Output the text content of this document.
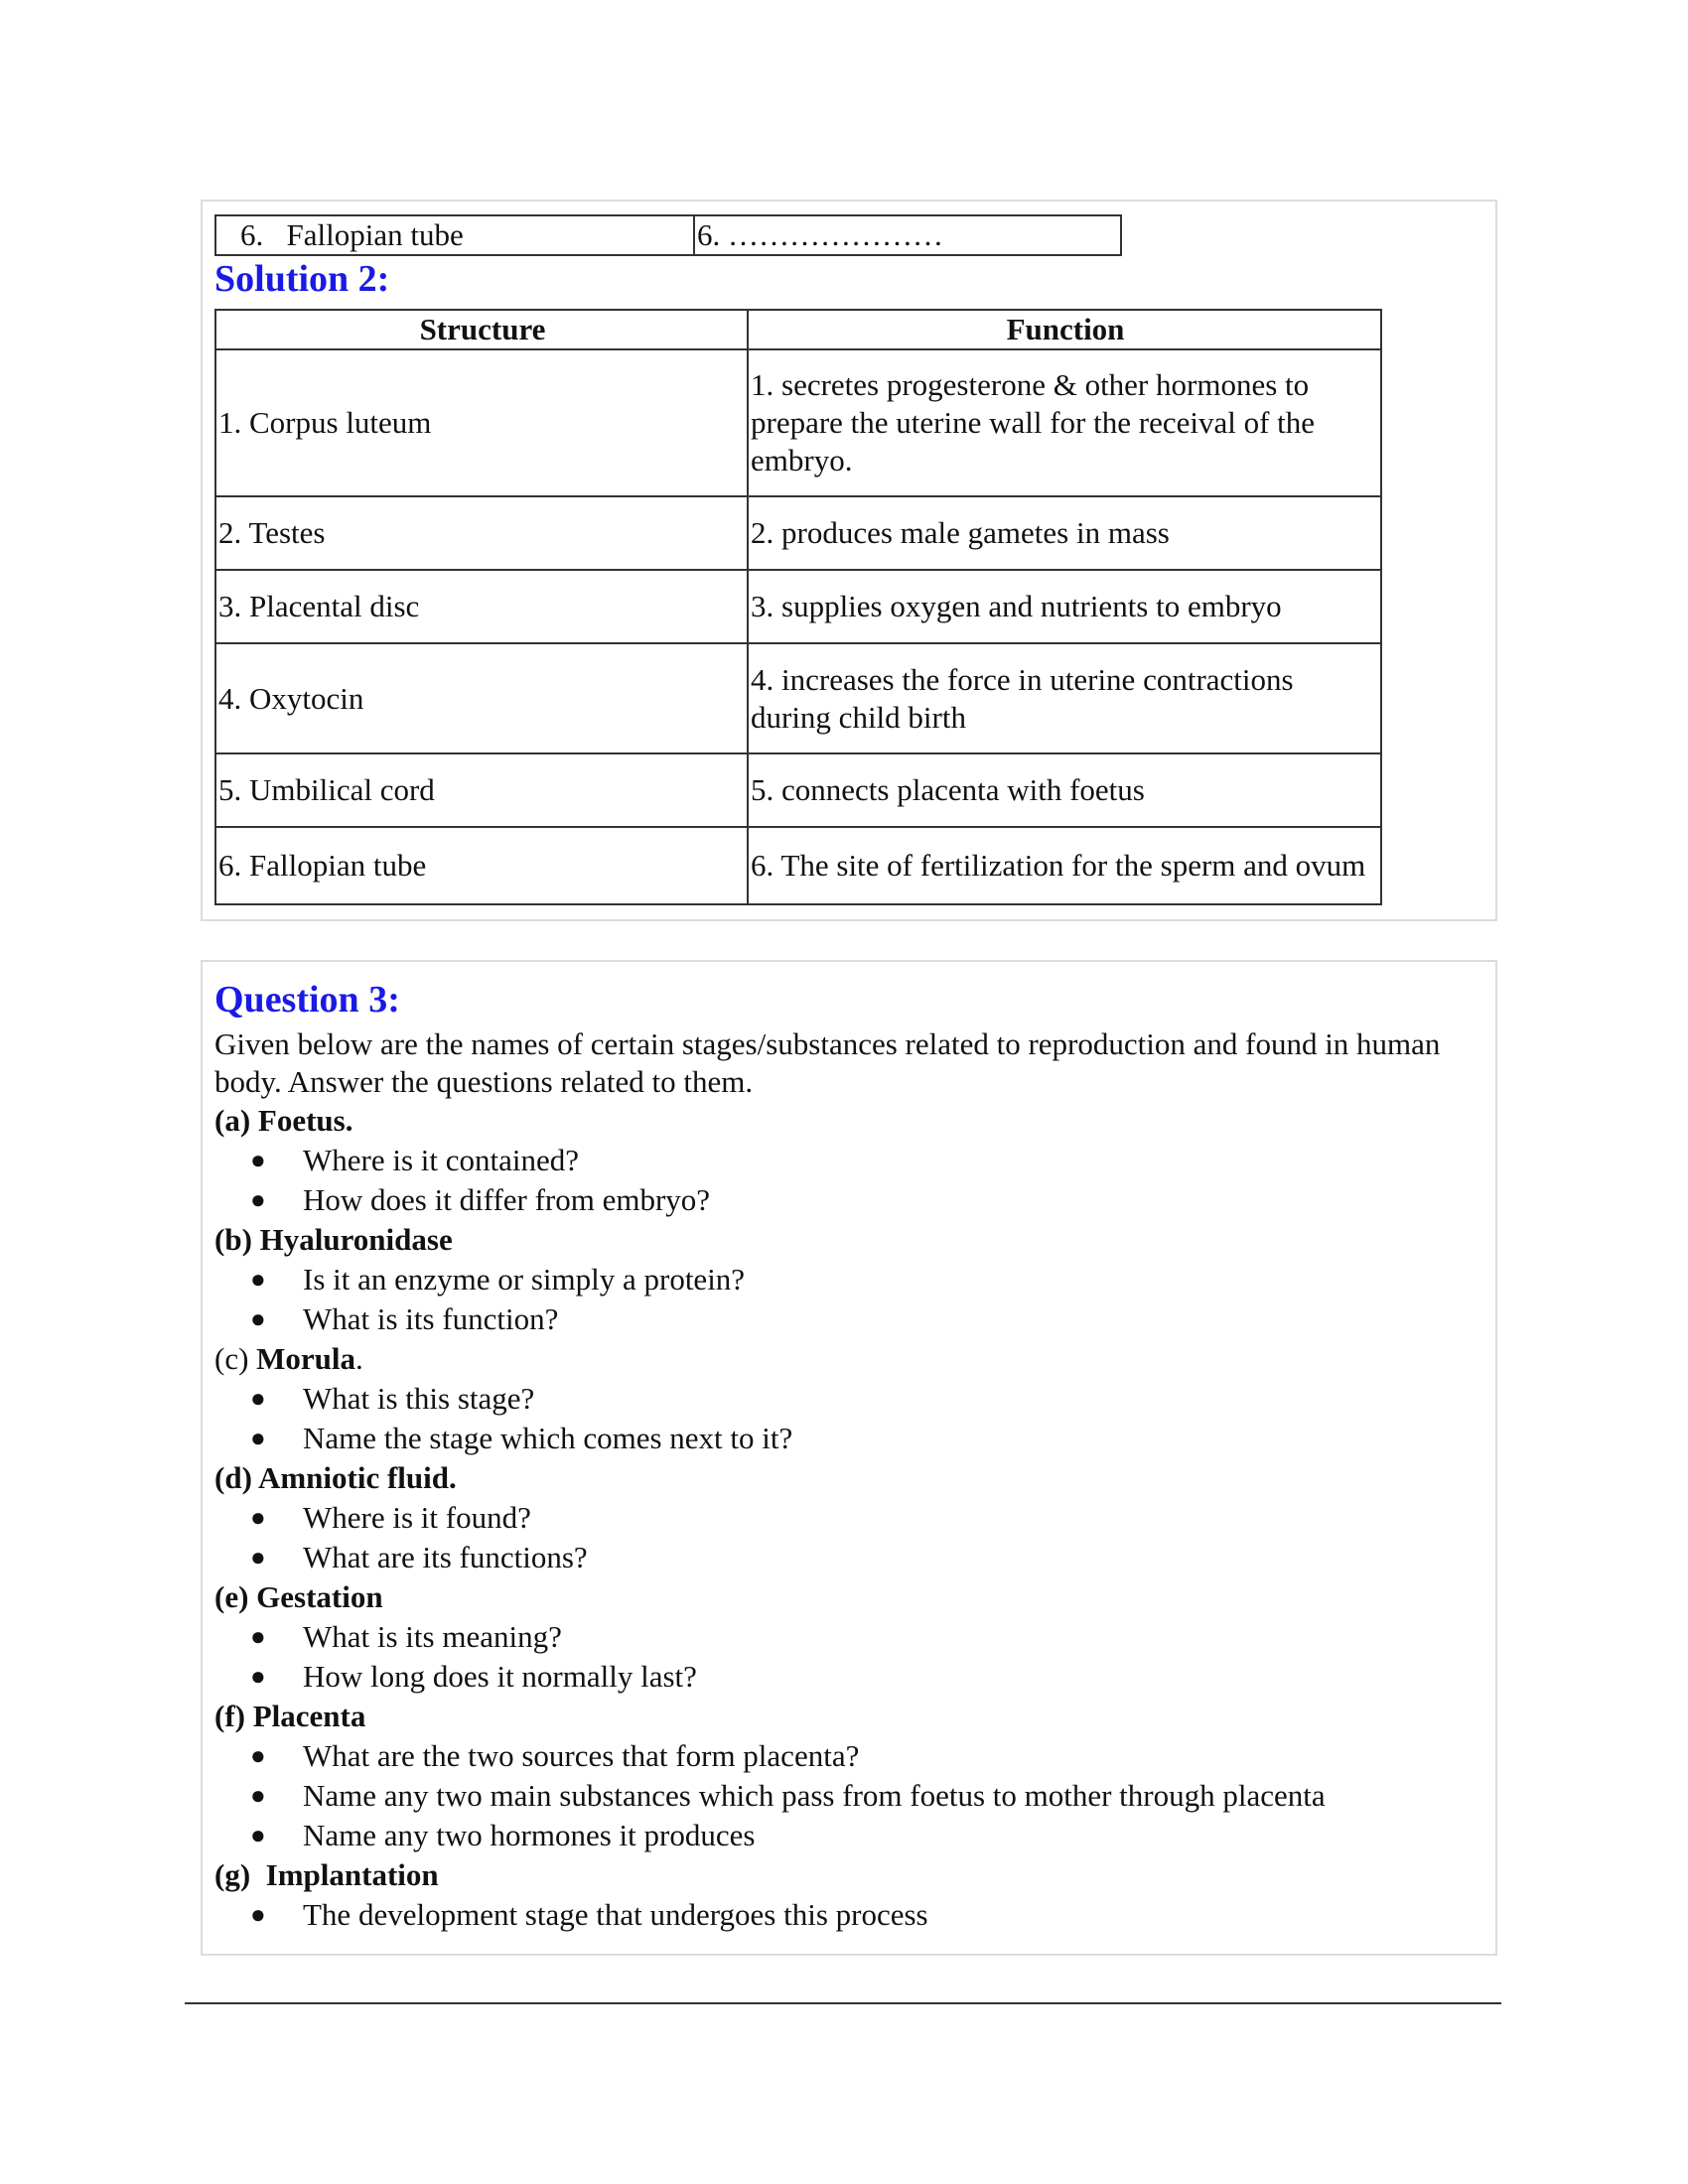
6. Fallopian tube	6. …………………
Solution 2:
Structure	Function
1. Corpus luteum	1. secretes progesterone & other hormones to prepare the uterine wall for the receival of the embryo.
2. Testes	2. produces male gametes in mass
3. Placental disc	3. supplies oxygen and nutrients to embryo
4. Oxytocin	4. increases the force in uterine contractions during child birth
5. Umbilical cord	5. connects placenta with foetus
6. Fallopian tube	6. The site of fertilization for the sperm and ovum
Question 3:
Given below are the names of certain stages/substances related to reproduction and found in human body. Answer the questions related to them.
(a) Foetus.
● Where is it contained?
● How does it differ from embryo?
(b) Hyaluronidase
● Is it an enzyme or simply a protein?
● What is its function?
(c) Morula.
● What is this stage?
● Name the stage which comes next to it?
(d) Amniotic fluid.
● Where is it found?
● What are its functions?
(e) Gestation
● What is its meaning?
● How long does it normally last?
(f) Placenta
● What are the two sources that form placenta?
● Name any two main substances which pass from foetus to mother through placenta
● Name any two hormones it produces
(g) Implantation
● The development stage that undergoes this process
